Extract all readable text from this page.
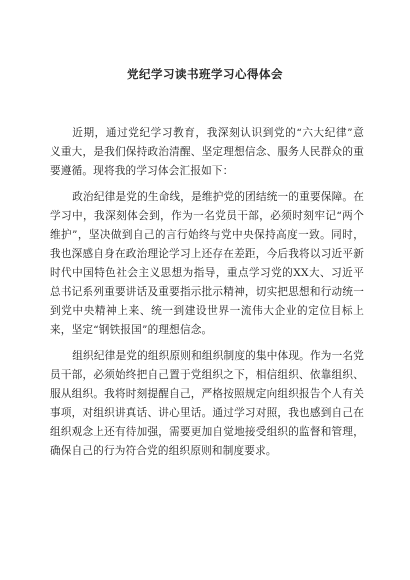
党纪学习读书班学习心得体会

近期，通过党纪学习教育，我深刻认识到党的“六大纪律”意义重大，是我们保持政治清醒、坚定理想信念、服务人民群众的重要遵循。现将我的学习体会汇报如下：

政治纪律是党的生命线，是维护党的团结统一的重要保障。在学习中，我深刻体会到，作为一名党员干部，必须时刻牢记“两个维护”，坚决做到自己的言行始终与党中央保持高度一致。同时，我也深感自身在政治理论学习上还存在差距，今后我将以习近平新时代中国特色社会主义思想为指导，重点学习党的XX大、习近平总书记系列重要讲话及重要指示批示精神，切实把思想和行动统一到党中央精神上来、统一到建设世界一流伟大企业的定位目标上来，坚定“钢铁报国”的理想信念。

组织纪律是党的组织原则和组织制度的集中体现。作为一名党员干部，必须始终把自己置于党组织之下，相信组织、依靠组织、服从组织。我将时刻提醒自己，严格按照规定向组织报告个人有关事项，对组织讲真话、讲心里话。通过学习对照，我也感到自己在组织观念上还有待加强，需要更加自觉地接受组织的监督和管理，确保自己的行为符合党的组织原则和制度要求。
